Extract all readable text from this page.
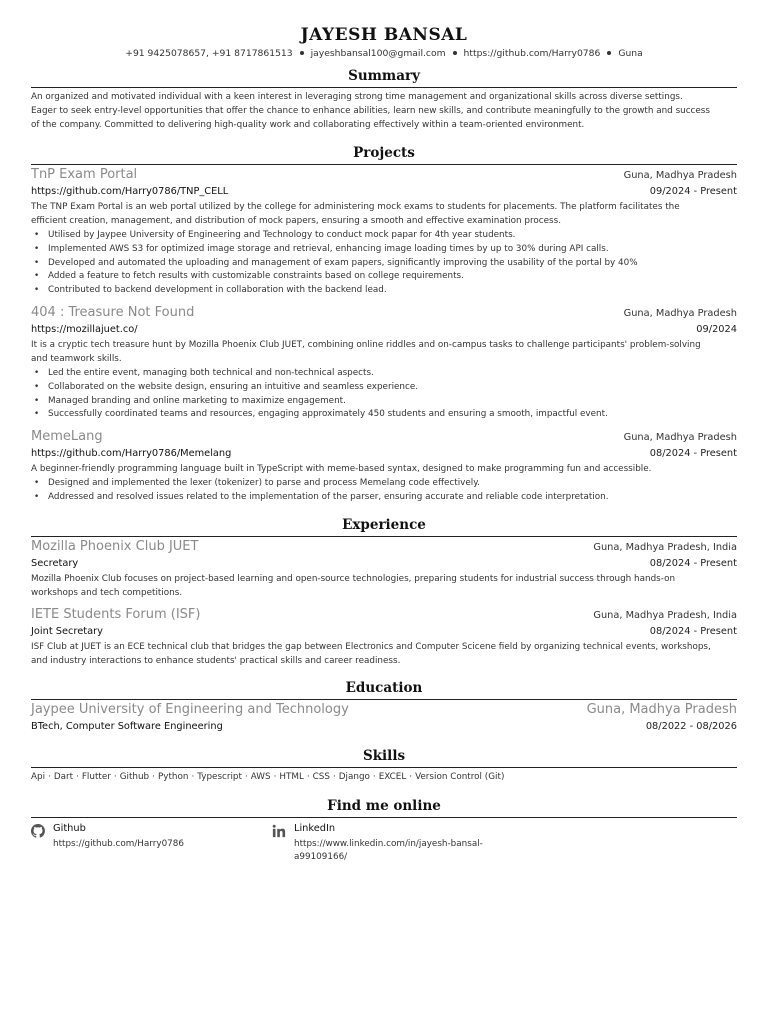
JAYESH BANSAL
+91 9425078657, +91 8717861513 jayeshbansal100@gmail.com https://github.com/Harry0786 Guna
Summary
An organized and motivated individual with a keen interest in leveraging strong time management and organizational skills across diverse settings.
Eager to seek entry-level opportunities that offer the chance to enhance abilities, learn new skills, and contribute meaningfully to the growth and success
of the company. Committed to delivering high-quality work and collaborating effectively within a team-oriented environment.
Projects
TnP Exam Portal	Guna, Madhya Pradesh
https://github.com/Harry0786/TNP_CELL	09/2024 - Present
The TNP Exam Portal is an web portal utilized by the college for administering mock exams to students for placements. The platform facilitates the
efficient creation, management, and distribution of mock papers, ensuring a smooth and effective examination process.
• Utilised by Jaypee University of Engineering and Technology to conduct mock papar for 4th year students.
• Implemented AWS S3 for optimized image storage and retrieval, enhancing image loading times by up to 30% during API calls.
• Developed and automated the uploading and management of exam papers, significantly improving the usability of the portal by 40%
• Added a feature to fetch results with customizable constraints based on college requirements.
• Contributed to backend development in collaboration with the backend lead.
404 : Treasure Not Found	Guna, Madhya Pradesh
https://mozillajuet.co/	09/2024
It is a cryptic tech treasure hunt by Mozilla Phoenix Club JUET, combining online riddles and on-campus tasks to challenge participants' problem-solving
and teamwork skills.
• Led the entire event, managing both technical and non-technical aspects.
• Collaborated on the website design, ensuring an intuitive and seamless experience.
• Managed branding and online marketing to maximize engagement.
• Successfully coordinated teams and resources, engaging approximately 450 students and ensuring a smooth, impactful event.
MemeLang	Guna, Madhya Pradesh
https://github.com/Harry0786/Memelang	08/2024 - Present
A beginner-friendly programming language built in TypeScript with meme-based syntax, designed to make programming fun and accessible.
• Designed and implemented the lexer (tokenizer) to parse and process Memelang code effectively.
• Addressed and resolved issues related to the implementation of the parser, ensuring accurate and reliable code interpretation.
Experience
Mozilla Phoenix Club JUET	Guna, Madhya Pradesh, India
Secretary	08/2024 - Present
Mozilla Phoenix Club focuses on project-based learning and open-source technologies, preparing students for industrial success through hands-on
workshops and tech competitions.
IETE Students Forum (ISF)	Guna, Madhya Pradesh, India
Joint Secretary	08/2024 - Present
ISF Club at JUET is an ECE technical club that bridges the gap between Electronics and Computer Scicene field by organizing technical events, workshops,
and industry interactions to enhance students' practical skills and career readiness.
Education
Jaypee University of Engineering and Technology	Guna, Madhya Pradesh
BTech, Computer Software Engineering	08/2022 - 08/2026
Skills
Api · Dart · Flutter · Github · Python · Typescript · AWS · HTML · CSS · Django · EXCEL · Version Control (Git)
Find me online
Github
https://github.com/Harry0786
LinkedIn
https://www.linkedin.com/in/jayesh-bansal-
a99109166/
